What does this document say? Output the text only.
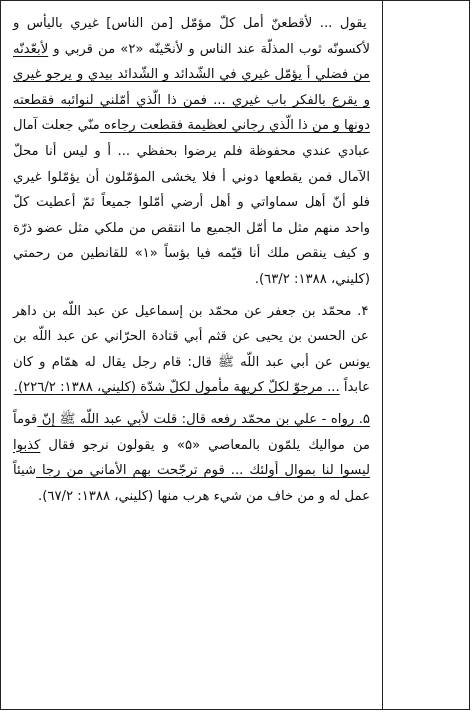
يقول ... لأقطعنّ أمل كلّ مؤمّل [من الناس] غيري باليأس و لأكسونّه ثوب المذلّة عند الناس و لأنحّينّه «٢» من قربي و لأبعّدنّه من فضلي أ يؤمّل غيري في الشّدائد و الشّدائد بيدي و يرجو غيري و يقرع بالفكر باب غيري ... فمن ذا الّذي أمّلني لنوائبه فقطعته دونها و من ذا الّذي رجاني لعظيمة فقطعت رجاءه منّي جعلت آمال عبادي عندي محفوظة فلم يرضوا بحفظي ... أ و ليس أنا محلّ الآمال فمن يقطعها دوني أ فلا يخشى المؤمّلون أن يؤمّلوا غيري فلو أنّ أهل سماواتي و أهل أرضي أمّلوا جميعاً ثمّ أعطيت كلّ واحد منهم مثل ما أمّل الجميع ما انتقص من ملكي مثل عضو ذرّة و كيف ينقص ملك أنا قيّمه فيا بؤساً «١» للقانطين من رحمتي (كليني، ١٣٨٨: ٦٣/٢).

۴. محمّد بن جعفر عن محمّد بن إسماعيل عن عبد اللّه بن داهر عن الحسن بن يحيى عن قثم أبي قتادة الحرّاني عن عبد اللّه بن يونس عن أبي عبد اللّه ﷺ قال: قام رجل يقال له همّام و كان عابداً ... مرجوّ لكلّ كريهة مأمول لكلّ شدّة (كليني، ١٣٨٨: ٢٢٦/٢).

۵. رواه - علي بن محمّد رفعه قال: قلت لأبي عبد اللّه ﷺ إنّ قوماً من مواليك يلمّون بالمعاصي «۵» و يقولون نرجو فقال كذبوا ليسوا لنا بموال أولئك ... قوم ترجّحت بهم الأماني من رجا شيئاً عمل له و من خاف من شيء هرب منها (كليني، ١٣٨٨: ٦٧/٢).
